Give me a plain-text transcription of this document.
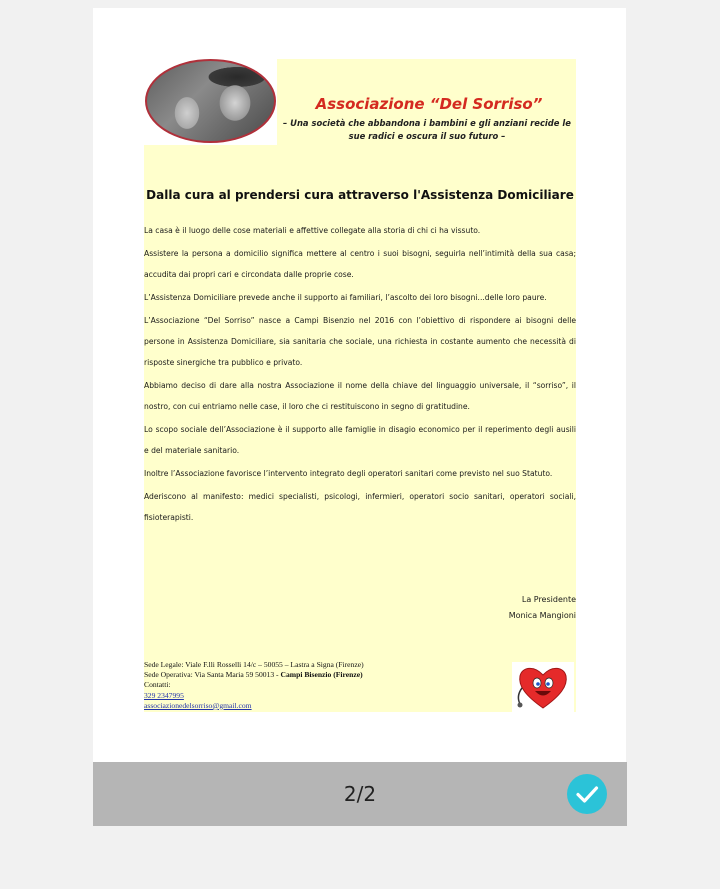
Associazione “Del Sorriso”
– Una società che abbandona i bambini e gli anziani recide le sue radici e oscura il suo futuro –
Dalla cura al prendersi cura attraverso l'Assistenza Domiciliare

La casa è il luogo delle cose materiali e affettive collegate alla storia di chi ci ha vissuto.

Assistere la persona a domicilio significa mettere al centro i suoi bisogni, seguirla nell’intimità della sua casa; accudita dai propri cari e circondata dalle proprie cose.

L’Assistenza Domiciliare prevede anche il supporto ai familiari, l’ascolto dei loro bisogni...delle loro paure.

L’Associazione “Del Sorriso” nasce a Campi Bisenzio nel 2016 con l’obiettivo di rispondere ai bisogni delle persone in Assistenza Domiciliare, sia sanitaria che sociale, una richiesta in costante aumento che necessità di risposte sinergiche tra pubblico e privato.

Abbiamo deciso di dare alla nostra Associazione il nome della chiave del linguaggio universale, il “sorriso”, il nostro, con cui entriamo nelle case, il loro che ci restituiscono in segno di gratitudine.

Lo scopo sociale dell’Associazione è il supporto alle famiglie in disagio economico per il reperimento degli ausili e del materiale sanitario.

Inoltre l’Associazione favorisce l’intervento integrato degli operatori sanitari come previsto nel suo Statuto.

Aderiscono al manifesto: medici specialisti, psicologi, infermieri, operatori socio sanitari, operatori sociali, fisioterapisti.

La Presidente
Monica Mangioni
Sede Legale: Viale F.lli Rosselli 14/c – 50055 – Lastra a Signa (Firenze)
Sede Operativa: Via Santa Maria 59 50013 - Campi Bisenzio (Firenze)
Contatti:
329 2347995
associazionedelsorriso@gmail.com
2/2
